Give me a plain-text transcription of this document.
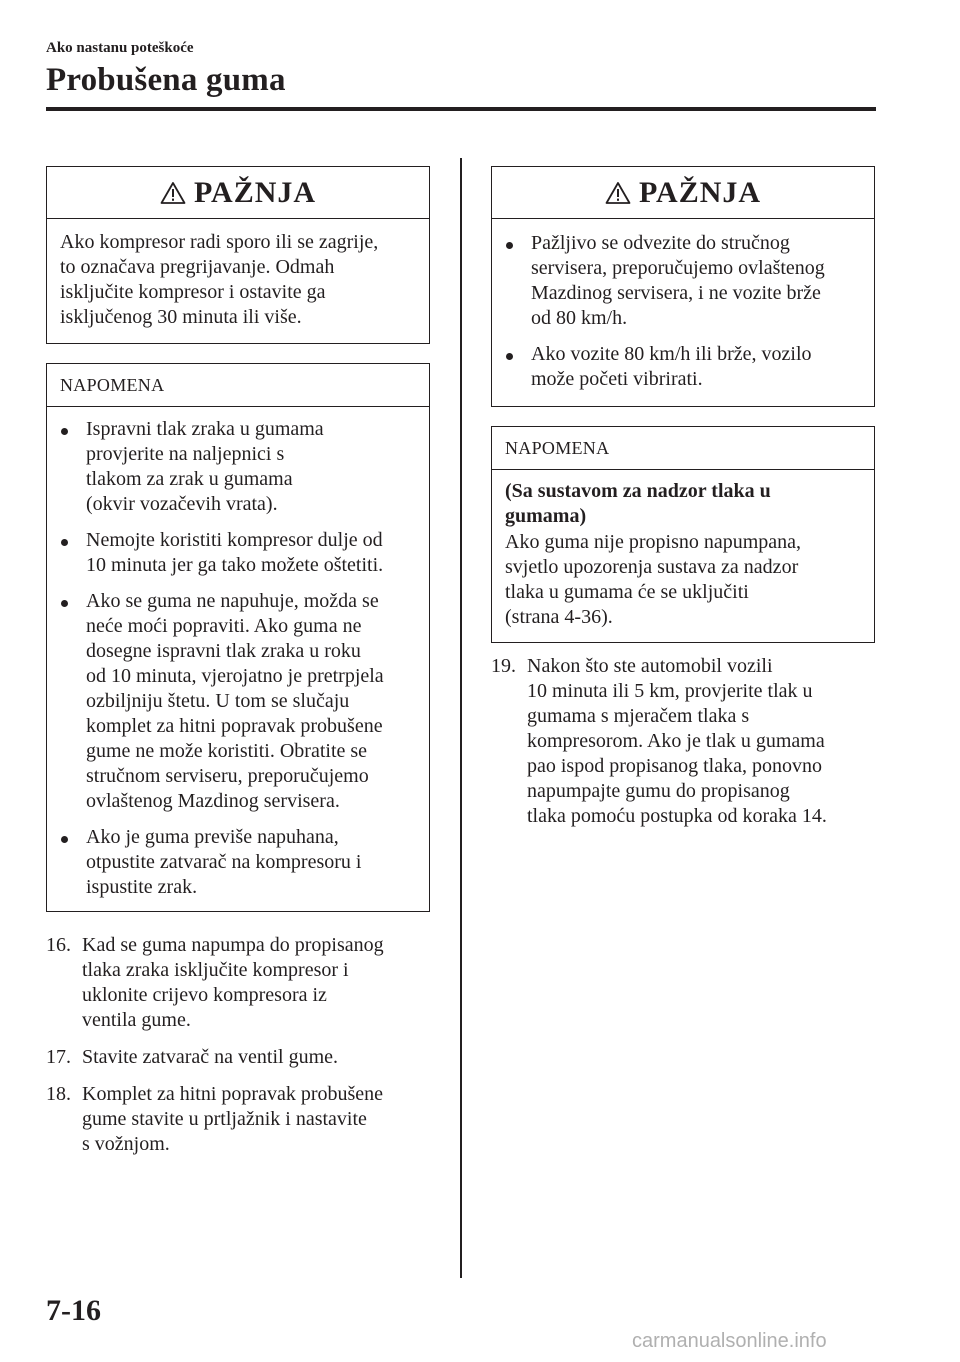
Ako nastanu poteškoće
Probušena guma
PAŽNJA
Ako kompresor radi sporo ili se zagrije,
to označava pregrijavanje. Odmah
isključite kompresor i ostavite ga
isključenog 30 minuta ili više.
NAPOMENA
Ispravni tlak zraka u gumama
provjerite na naljepnici s
tlakom za zrak u gumama
(okvir vozačevih vrata).
Nemojte koristiti kompresor dulje od
10 minuta jer ga tako možete oštetiti.
Ako se guma ne napuhuje, možda se
neće moći popraviti. Ako guma ne
dosegne ispravni tlak zraka u roku
od 10 minuta, vjerojatno je pretrpjela
ozbiljniju štetu. U tom se slučaju
komplet za hitni popravak probušene
gume ne može koristiti. Obratite se
stručnom serviseru, preporučujemo
ovlaštenog Mazdinog servisera.
Ako je guma previše napuhana,
otpustite zatvarač na kompresoru i
ispustite zrak.
16. Kad se guma napumpa do propisanog
tlaka zraka isključite kompresor i
uklonite crijevo kompresora iz
ventila gume.
17. Stavite zatvarač na ventil gume.
18. Komplet za hitni popravak probušene
gume stavite u prtljažnik i nastavite
s vožnjom.
PAŽNJA
Pažljivo se odvezite do stručnog
servisera, preporučujemo ovlaštenog
Mazdinog servisera, i ne vozite brže
od 80 km/h.
Ako vozite 80 km/h ili brže, vozilo
može početi vibrirati.
NAPOMENA
(Sa sustavom za nadzor tlaka u
gumama)
Ako guma nije propisno napumpana,
svjetlo upozorenja sustava za nadzor
tlaka u gumama će se uključiti
(strana 4-36).
19. Nakon što ste automobil vozili
10 minuta ili 5 km, provjerite tlak u
gumama s mjeračem tlaka s
kompresorom. Ako je tlak u gumama
pao ispod propisanog tlaka, ponovno
napumpajte gumu do propisanog
tlaka pomoću postupka od koraka 14.
7-16
carmanualsonline.info
